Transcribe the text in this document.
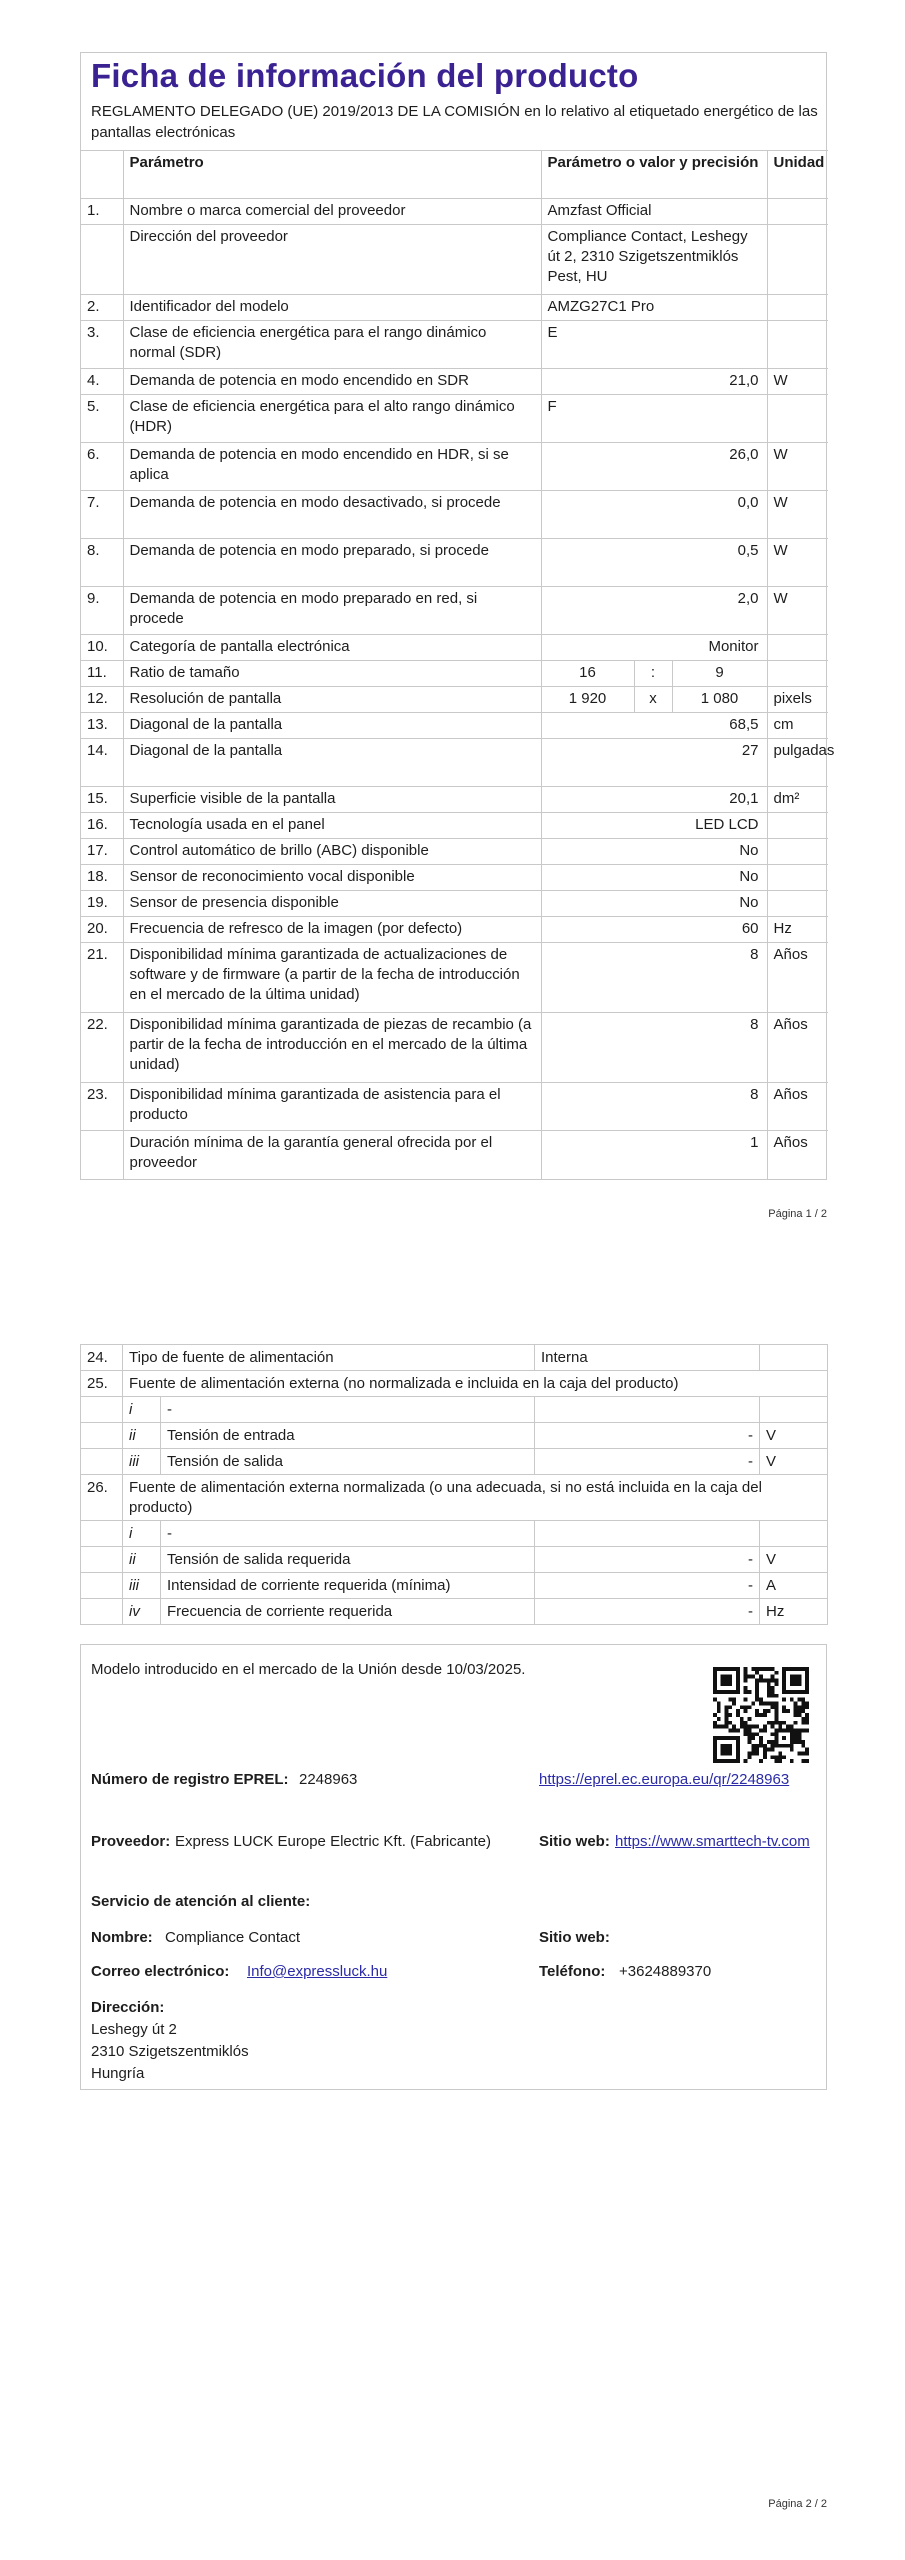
Ficha de información del producto
REGLAMENTO DELEGADO (UE) 2019/2013 DE LA COMISIÓN en lo relativo al etiquetado energético de las pantallas electrónicas
	Parámetro	Parámetro o valor y precisión			Unidad
1.	Nombre o marca comercial del proveedor	Amzfast Official			
	Dirección del proveedor	Compliance Contact, Leshegy út 2, 2310 Szigetszentmiklós Pest, HU			
2.	Identificador del modelo	AMZG27C1 Pro			
3.	Clase de eficiencia energética para el rango dinámico normal (SDR)	E			
4.	Demanda de potencia en modo encendido en SDR	21,0			W
5.	Clase de eficiencia energética para el alto rango dinámico (HDR)	F			
6.	Demanda de potencia en modo encendido en HDR, si se aplica	26,0			W
7.	Demanda de potencia en modo desactivado, si procede	0,0			W
8.	Demanda de potencia en modo preparado, si procede	0,5			W
9.	Demanda de potencia en modo preparado en red, si procede	2,0			W
10.	Categoría de pantalla electrónica	Monitor			
11.	Ratio de tamaño	16	:	9	
12.	Resolución de pantalla	1 920	x	1 080	pixels
13.	Diagonal de la pantalla	68,5			cm
14.	Diagonal de la pantalla	27			pulgadas
15.	Superficie visible de la pantalla	20,1			dm²
16.	Tecnología usada en el panel	LED LCD			
17.	Control automático de brillo (ABC) disponible	No			
18.	Sensor de reconocimiento vocal disponible	No			
19.	Sensor de presencia disponible	No			
20.	Frecuencia de refresco de la imagen (por defecto)	60			Hz
21.	Disponibilidad mínima garantizada de actualizaciones de software y de firmware (a partir de la fecha de introducción en el mercado de la última unidad)	8			Años
22.	Disponibilidad mínima garantizada de piezas de recambio (a partir de la fecha de introducción en el mercado de la última unidad)	8			Años
23.	Disponibilidad mínima garantizada de asistencia para el producto	8			Años
	Duración mínima de la garantía general ofrecida por el proveedor	1			Años
Página 1 / 2
24.	Tipo de fuente de alimentación		Interna	
25.	Fuente de alimentación externa (no normalizada e incluida en la caja del producto)			
	i	-		
	ii	Tensión de entrada	-	V
	iii	Tensión de salida	-	V
26.	Fuente de alimentación externa normalizada (o una adecuada, si no está incluida en la caja del producto)			
	i	-		
	ii	Tensión de salida requerida	-	V
	iii	Intensidad de corriente requerida (mínima)	-	A
	iv	Frecuencia de corriente requerida	-	Hz
Modelo introducido en el mercado de la Unión desde 10/03/2025.
Número de registro EPREL: 2248963	https://eprel.ec.europa.eu/qr/2248963
Proveedor: Express LUCK Europe Electric Kft. (Fabricante)	Sitio web: https://www.smarttech-tv.com
Servicio de atención al cliente:
Nombre: Compliance Contact	Sitio web:
Correo electrónico: Info@expressluck.hu	Teléfono: +3624889370
Dirección:
Leshegy út 2
2310 Szigetszentmiklós
Hungría
Página 2 / 2
